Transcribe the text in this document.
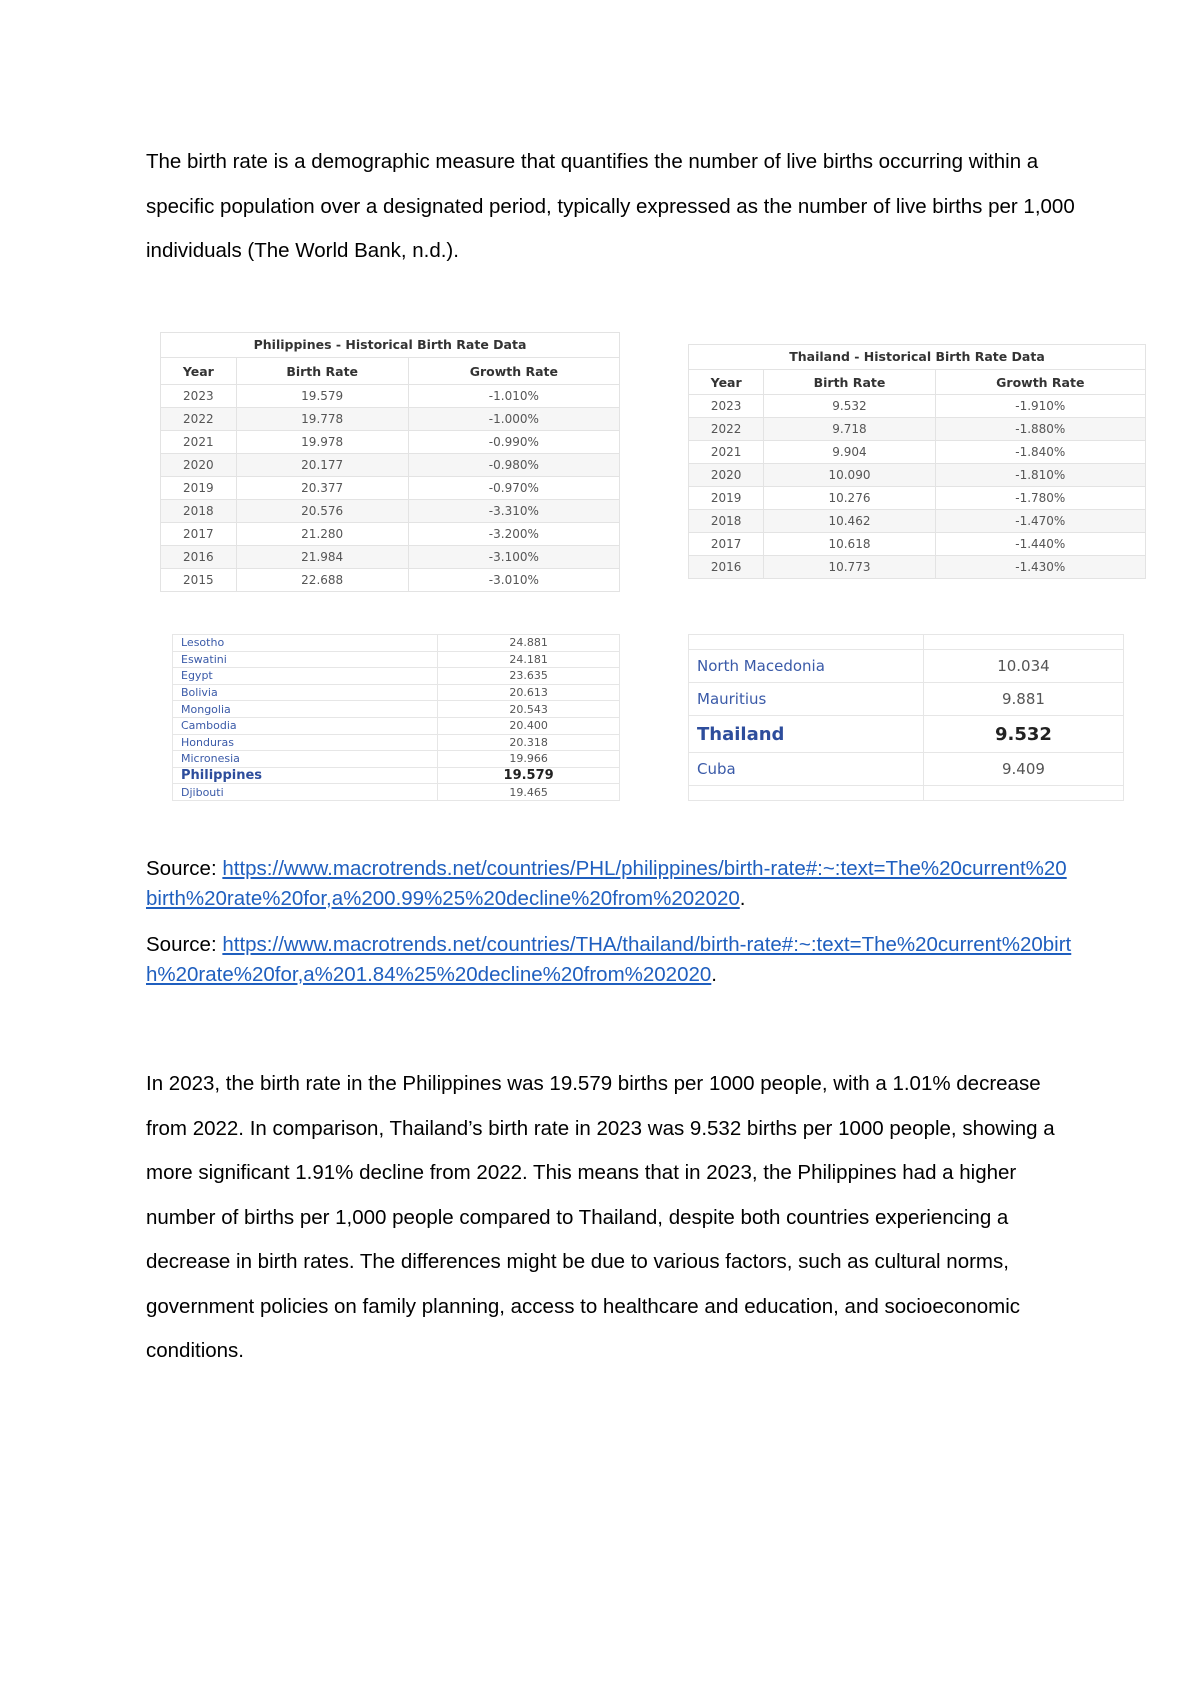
The birth rate is a demographic measure that quantifies the number of live births occurring within a specific population over a designated period, typically expressed as the number of live births per 1,000 individuals (The World Bank, n.d.).

Philippines - Historical Birth Rate Data
Year	Birth Rate	Growth Rate
2023	19.579	-1.010%
2022	19.778	-1.000%
2021	19.978	-0.990%
2020	20.177	-0.980%
2019	20.377	-0.970%
2018	20.576	-3.310%
2017	21.280	-3.200%
2016	21.984	-3.100%
2015	22.688	-3.010%
Thailand - Historical Birth Rate Data
Year	Birth Rate	Growth Rate
2023	9.532	-1.910%
2022	9.718	-1.880%
2021	9.904	-1.840%
2020	10.090	-1.810%
2019	10.276	-1.780%
2018	10.462	-1.470%
2017	10.618	-1.440%
2016	10.773	-1.430%
Lesotho	24.881
Eswatini	24.181
Egypt	23.635
Bolivia	20.613
Mongolia	20.543
Cambodia	20.400
Honduras	20.318
Micronesia	19.966
Philippines	19.579
Djibouti	19.465

North Macedonia	10.034
Mauritius	9.881
Thailand	9.532
Cuba	9.409

Source: https://www.macrotrends.net/countries/PHL/philippines/birth-rate#:~:text=The%20current%20birth%20rate%20for,a%200.99%25%20decline%20from%202020.

Source: https://www.macrotrends.net/countries/THA/thailand/birth-rate#:~:text=The%20current%20birth%20rate%20for,a%201.84%25%20decline%20from%202020.

In 2023, the birth rate in the Philippines was 19.579 births per 1000 people, with a 1.01% decrease from 2022. In comparison, Thailand’s birth rate in 2023 was 9.532 births per 1000 people, showing a more significant 1.91% decline from 2022. This means that in 2023, the Philippines had a higher number of births per 1,000 people compared to Thailand, despite both countries experiencing a decrease in birth rates. The differences might be due to various factors, such as cultural norms, government policies on family planning, access to healthcare and education, and socioeconomic conditions.
